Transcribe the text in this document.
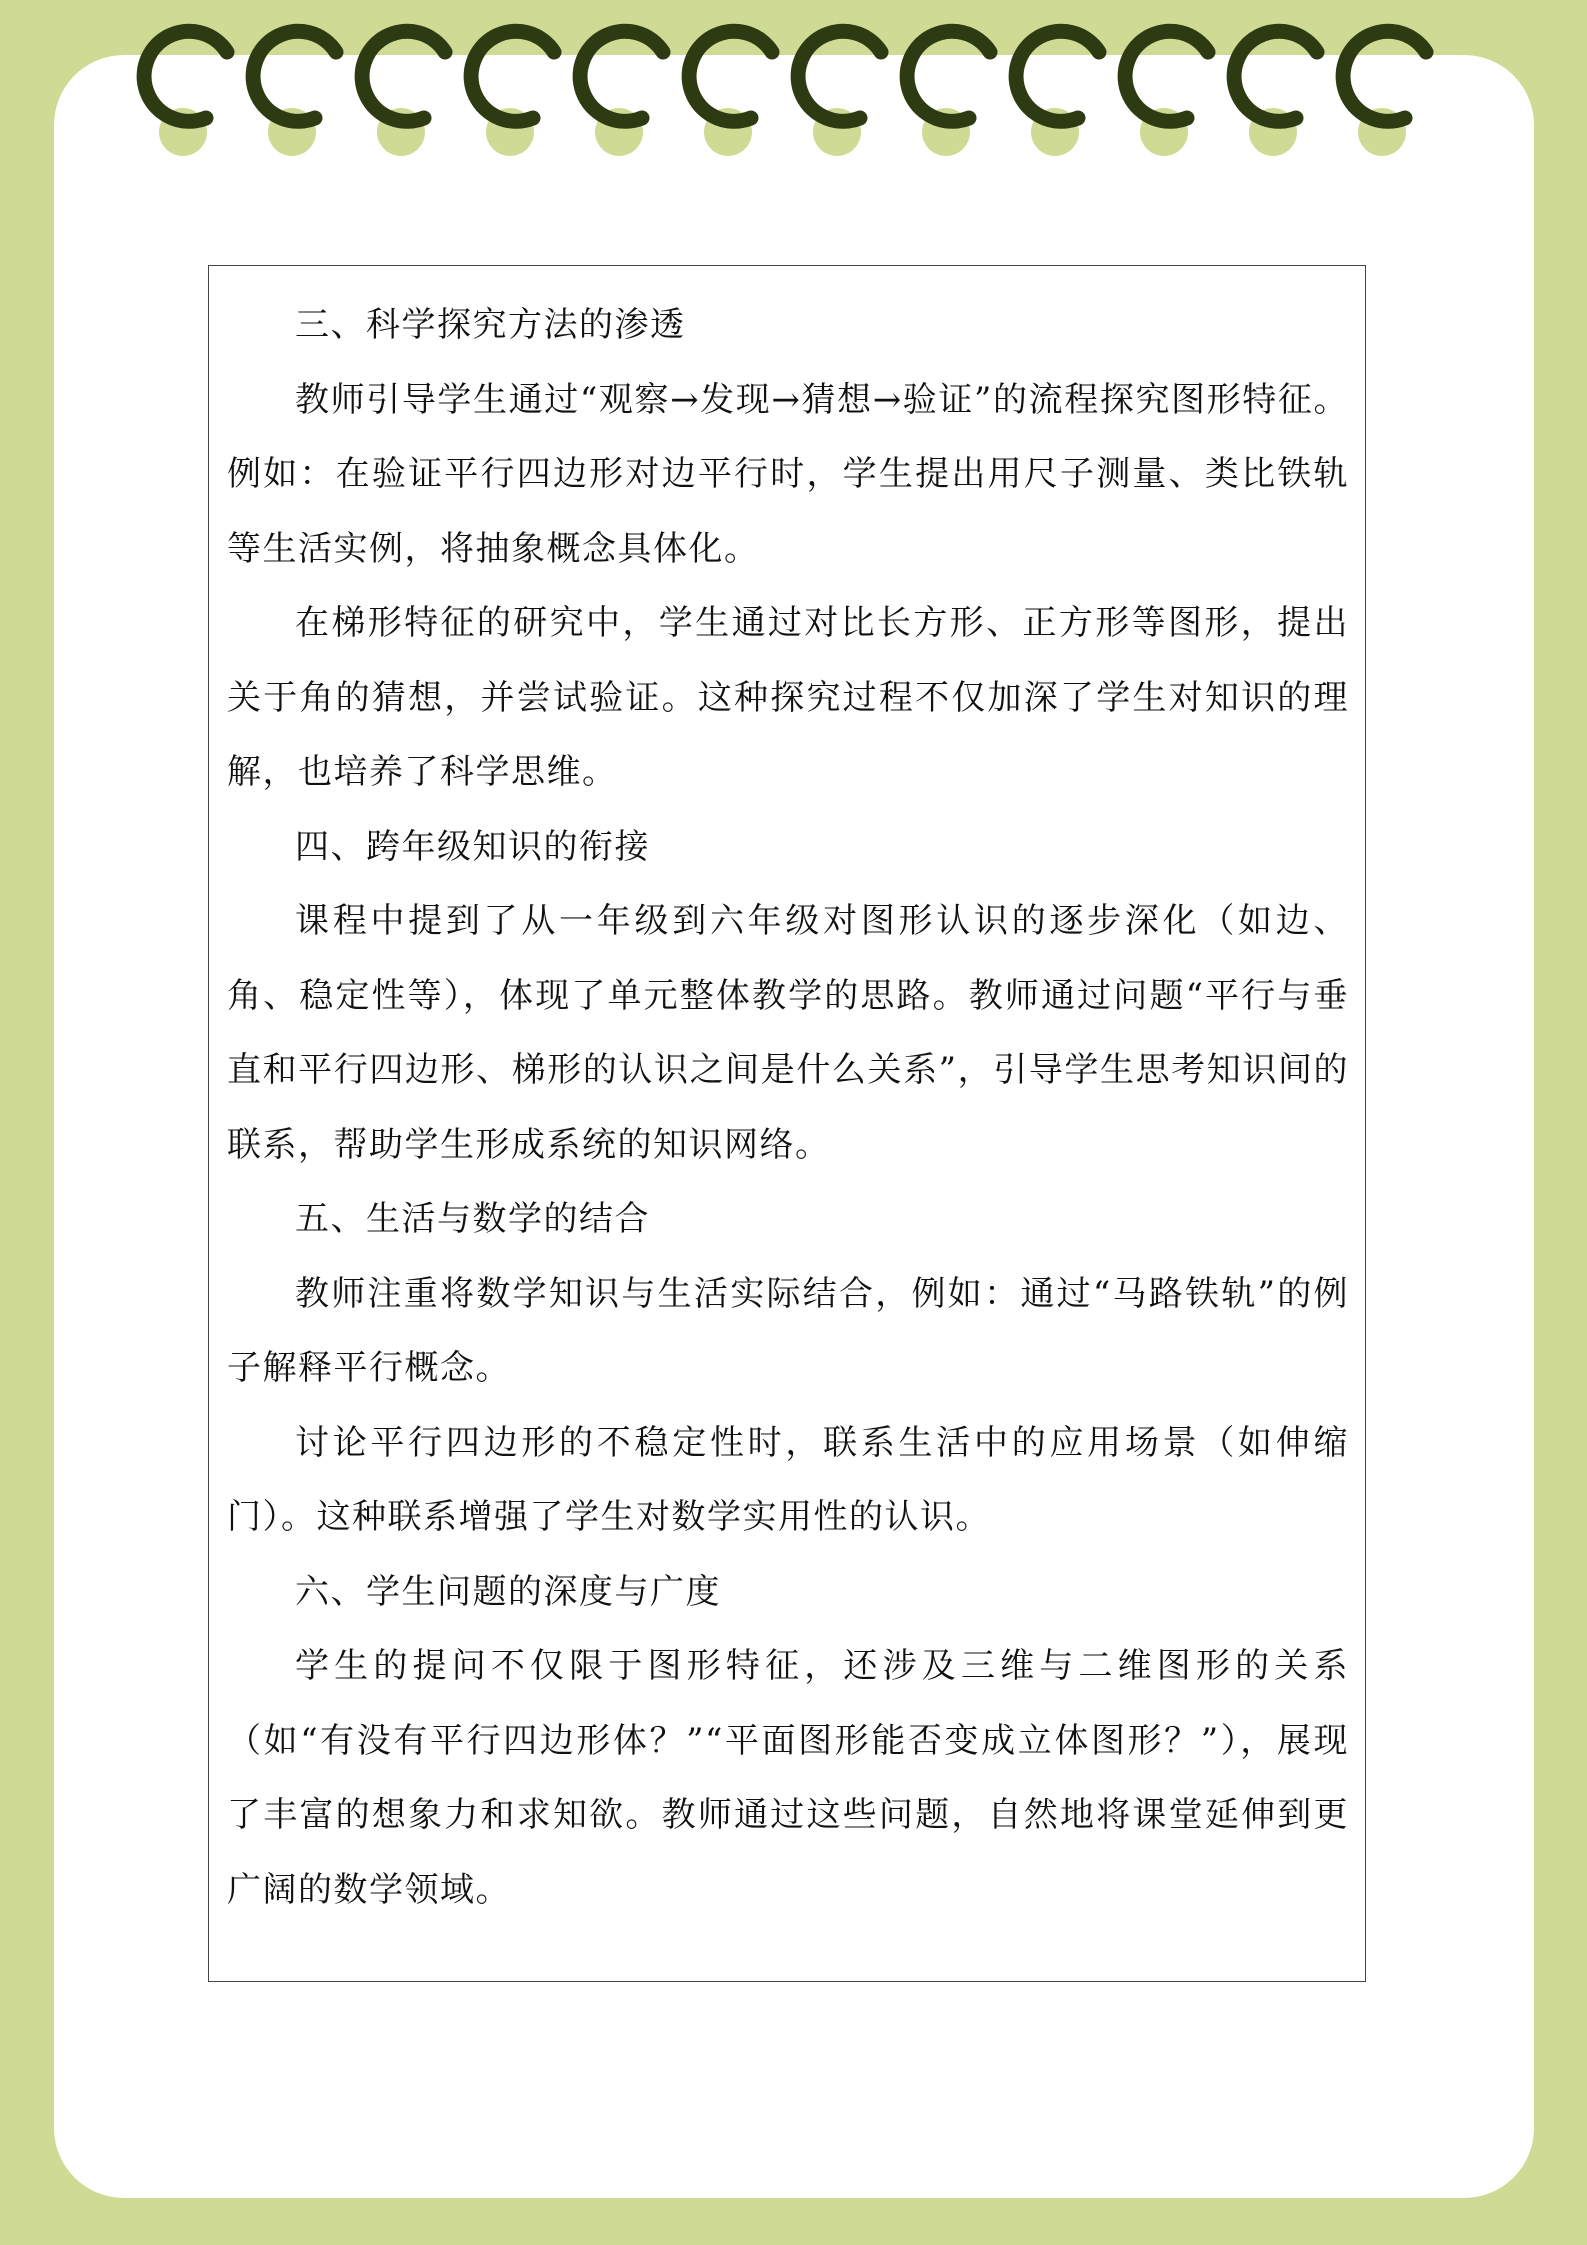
三、科学探究方法的渗透

教师引导学生通过“观察→发现→猜想→验证”的流程探究图形特征。例如：在验证平行四边形对边平行时，学生提出用尺子测量、类比铁轨等生活实例，将抽象概念具体化。

在梯形特征的研究中，学生通过对比长方形、正方形等图形，提出关于角的猜想，并尝试验证。这种探究过程不仅加深了学生对知识的理解，也培养了科学思维。

四、跨年级知识的衔接

课程中提到了从一年级到六年级对图形认识的逐步深化（如边、角、稳定性等），体现了单元整体教学的思路。教师通过问题“平行与垂直和平行四边形、梯形的认识之间是什么关系”，引导学生思考知识间的联系，帮助学生形成系统的知识网络。

五、生活与数学的结合

教师注重将数学知识与生活实际结合，例如：通过“马路铁轨”的例子解释平行概念。

讨论平行四边形的不稳定性时，联系生活中的应用场景（如伸缩门）。这种联系增强了学生对数学实用性的认识。

六、学生问题的深度与广度

学生的提问不仅限于图形特征，还涉及三维与二维图形的关系（如“有没有平行四边形体？”“平面图形能否变成立体图形？”），展现了丰富的想象力和求知欲。教师通过这些问题，自然地将课堂延伸到更广阔的数学领域。
